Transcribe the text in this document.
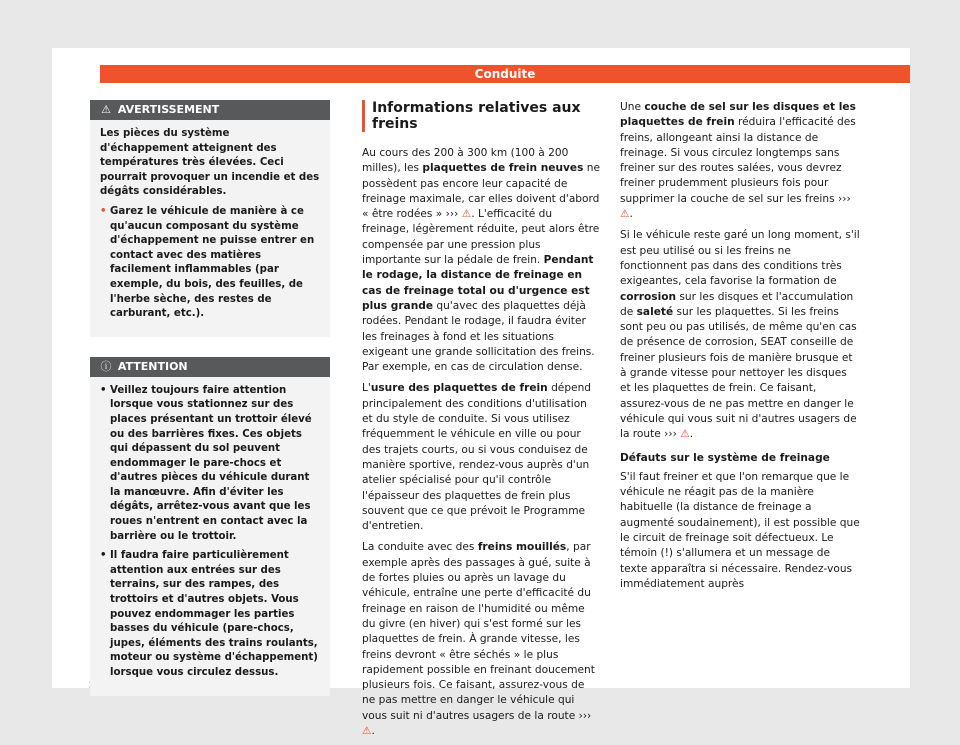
Conduite
⚠ AVERTISSEMENT

Les pièces du système d'échappement atteignent des températures très élevées. Ceci pourrait provoquer un incendie et des dégâts considérables.

• Garez le véhicule de manière à ce qu'aucun composant du système d'échappement ne puisse entrer en contact avec des matières facilement inflammables (par exemple, du bois, des feuilles, de l'herbe sèche, des restes de carburant, etc.).

ⓘ ATTENTION

• Veillez toujours faire attention lorsque vous stationnez sur des places présentant un trottoir élevé ou des barrières fixes. Ces objets qui dépassent du sol peuvent endommager le pare-chocs et d'autres pièces du véhicule durant la manœuvre. Afin d'éviter les dégâts, arrêtez-vous avant que les roues n'entrent en contact avec la barrière ou le trottoir.

• Il faudra faire particulièrement attention aux entrées sur des terrains, sur des rampes, des trottoirs et d'autres objets. Vous pouvez endommager les parties basses du véhicule (pare-chocs, jupes, éléments des trains roulants, moteur ou système d'échappement) lorsque vous circulez dessus.

Informations relatives aux freins

Au cours des 200 à 300 km (100 à 200 milles), les plaquettes de frein neuves ne possèdent pas encore leur capacité de freinage maximale, car elles doivent d'abord « être rodées » ››› ⚠. L'efficacité du freinage, légèrement réduite, peut alors être compensée par une pression plus importante sur la pédale de frein. Pendant le rodage, la distance de freinage en cas de freinage total ou d'urgence est plus grande qu'avec des plaquettes déjà rodées. Pendant le rodage, il faudra éviter les freinages à fond et les situations exigeant une grande sollicitation des freins. Par exemple, en cas de circulation dense.

L'usure des plaquettes de frein dépend principalement des conditions d'utilisation et du style de conduite. Si vous utilisez fréquemment le véhicule en ville ou pour des trajets courts, ou si vous conduisez de manière sportive, rendez-vous auprès d'un atelier spécialisé pour qu'il contrôle l'épaisseur des plaquettes de frein plus souvent que ce que prévoit le Programme d'entretien.

La conduite avec des freins mouillés, par exemple après des passages à gué, suite à de fortes pluies ou après un lavage du véhicule, entraîne une perte d'efficacité du freinage en raison de l'humidité ou même du givre (en hiver) qui s'est formé sur les plaquettes de frein. À grande vitesse, les freins devront « être séchés » le plus rapidement possible en freinant doucement plusieurs fois. Ce faisant, assurez-vous de ne pas mettre en danger le véhicule qui vous suit ni d'autres usagers de la route ››› ⚠.

Une couche de sel sur les disques et les plaquettes de frein réduira l'efficacité des freins, allongeant ainsi la distance de freinage. Si vous circulez longtemps sans freiner sur des routes salées, vous devrez freiner prudemment plusieurs fois pour supprimer la couche de sel sur les freins ››› ⚠.

Si le véhicule reste garé un long moment, s'il est peu utilisé ou si les freins ne fonctionnent pas dans des conditions très exigeantes, cela favorise la formation de corrosion sur les disques et l'accumulation de saleté sur les plaquettes. Si les freins sont peu ou pas utilisés, de même qu'en cas de présence de corrosion, SEAT conseille de freiner plusieurs fois de manière brusque et à grande vitesse pour nettoyer les disques et les plaquettes de frein. Ce faisant, assurez-vous de ne pas mettre en danger le véhicule qui vous suit ni d'autres usagers de la route ››› ⚠.

Défauts sur le système de freinage

S'il faut freiner et que l'on remarque que le véhicule ne réagit pas de la manière habituelle (la distance de freinage a augmenté soudainement), il est possible que le circuit de freinage soit défectueux. Le témoin (!) s'allumera et un message de texte apparaîtra si nécessaire. Rendez-vous immédiatement auprès
